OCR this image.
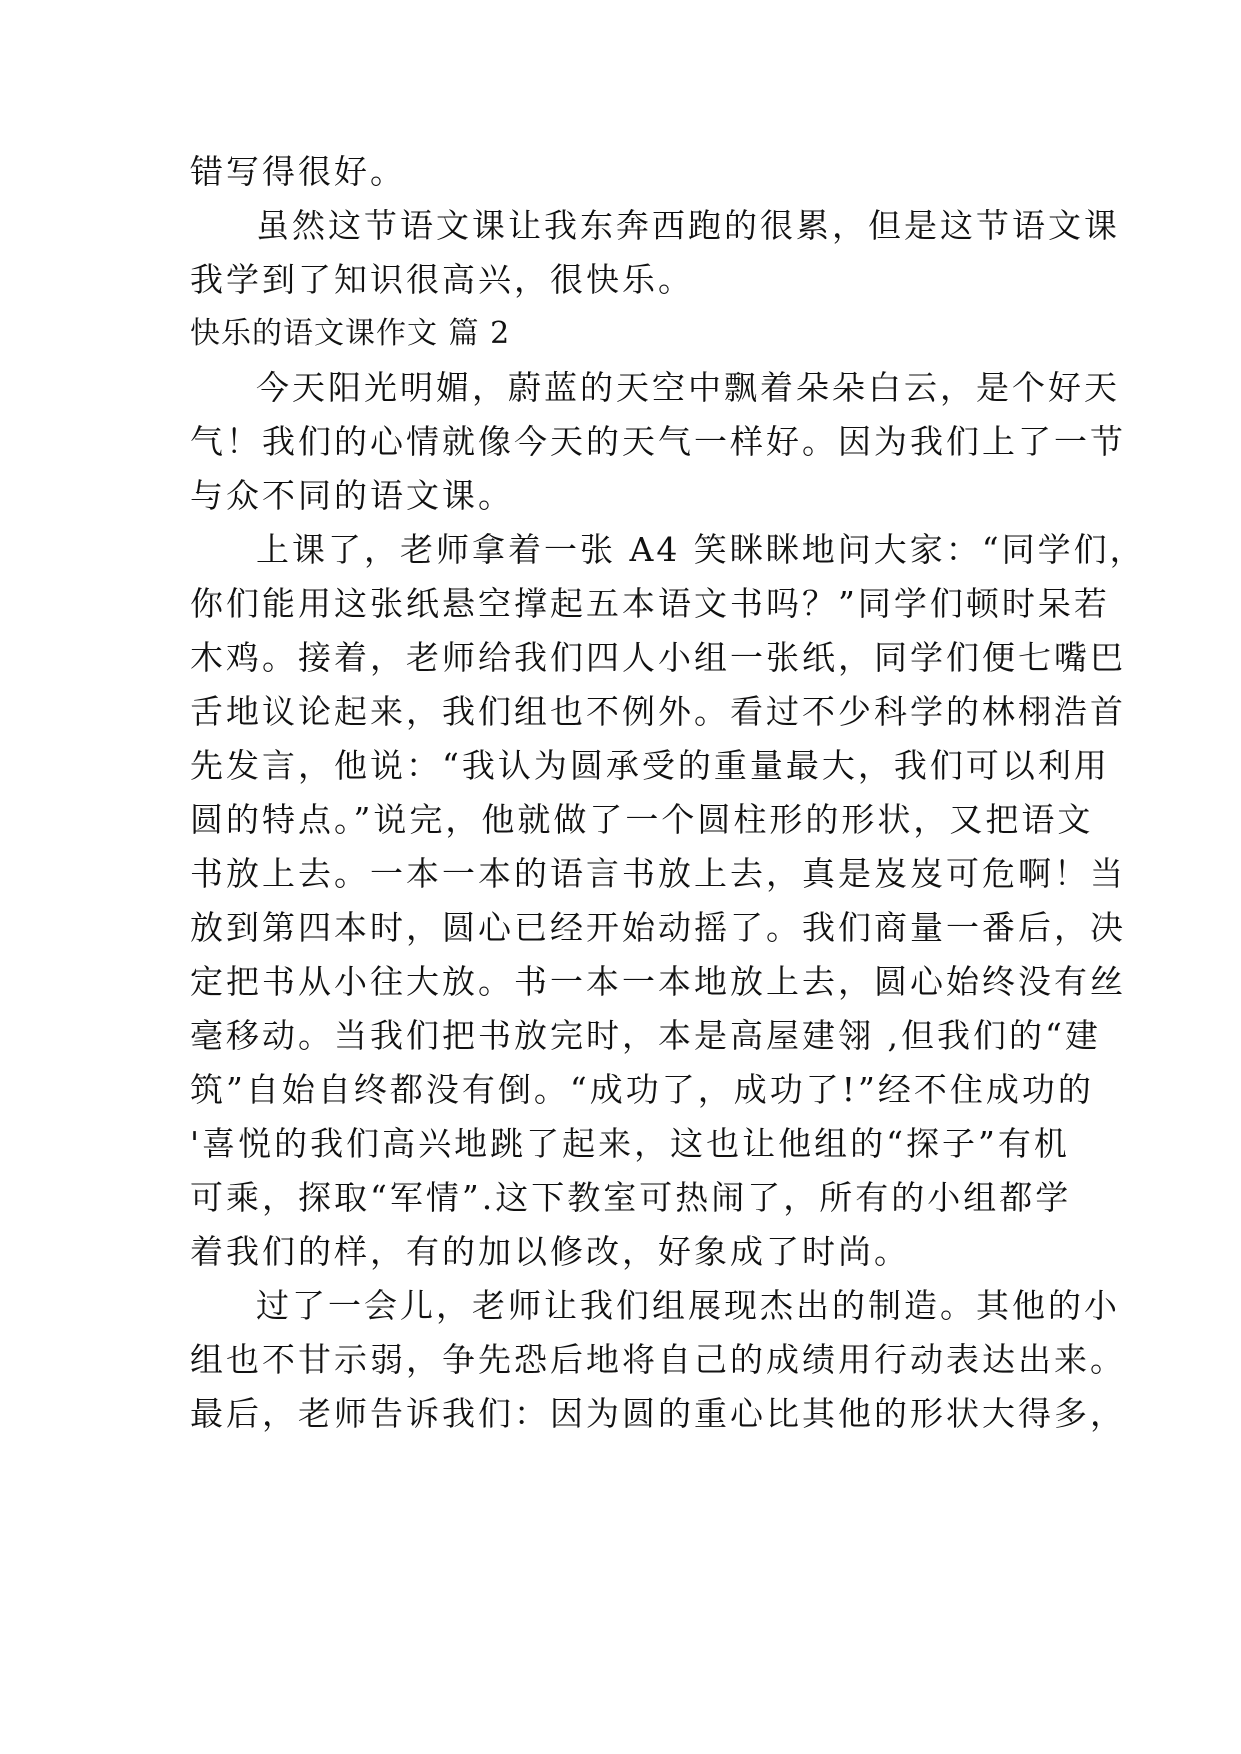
错写得很好。
虽然这节语文课让我东奔西跑的很累，但是这节语文课
我学到了知识很高兴，很快乐。
快乐的语文课作文 篇 2
今天阳光明媚，蔚蓝的天空中飘着朵朵白云，是个好天
气！我们的心情就像今天的天气一样好。因为我们上了一节
与众不同的语文课。
上课了，老师拿着一张 A4 笑眯眯地问大家：“同学们，
你们能用这张纸悬空撑起五本语文书吗？”同学们顿时呆若
木鸡。接着，老师给我们四人小组一张纸，同学们便七嘴巴
舌地议论起来，我们组也不例外。看过不少科学的林栩浩首
先发言，他说：“我认为圆承受的重量最大，我们可以利用
圆的特点。”说完，他就做了一个圆柱形的形状，又把语文
书放上去。一本一本的语言书放上去，真是岌岌可危啊！当
放到第四本时，圆心已经开始动摇了。我们商量一番后，决
定把书从小往大放。书一本一本地放上去，圆心始终没有丝
毫移动。当我们把书放完时，本是高屋建翎 ,但我们的“建
筑”自始自终都没有倒。“成功了，成功了!”经不住成功的
'喜悦的我们高兴地跳了起来，这也让他组的“探子”有机
可乘，探取“军情”.这下教室可热闹了，所有的小组都学
着我们的样，有的加以修改，好象成了时尚。
过了一会儿，老师让我们组展现杰出的制造。其他的小
组也不甘示弱，争先恐后地将自己的成绩用行动表达出来。
最后，老师告诉我们：因为圆的重心比其他的形状大得多，
